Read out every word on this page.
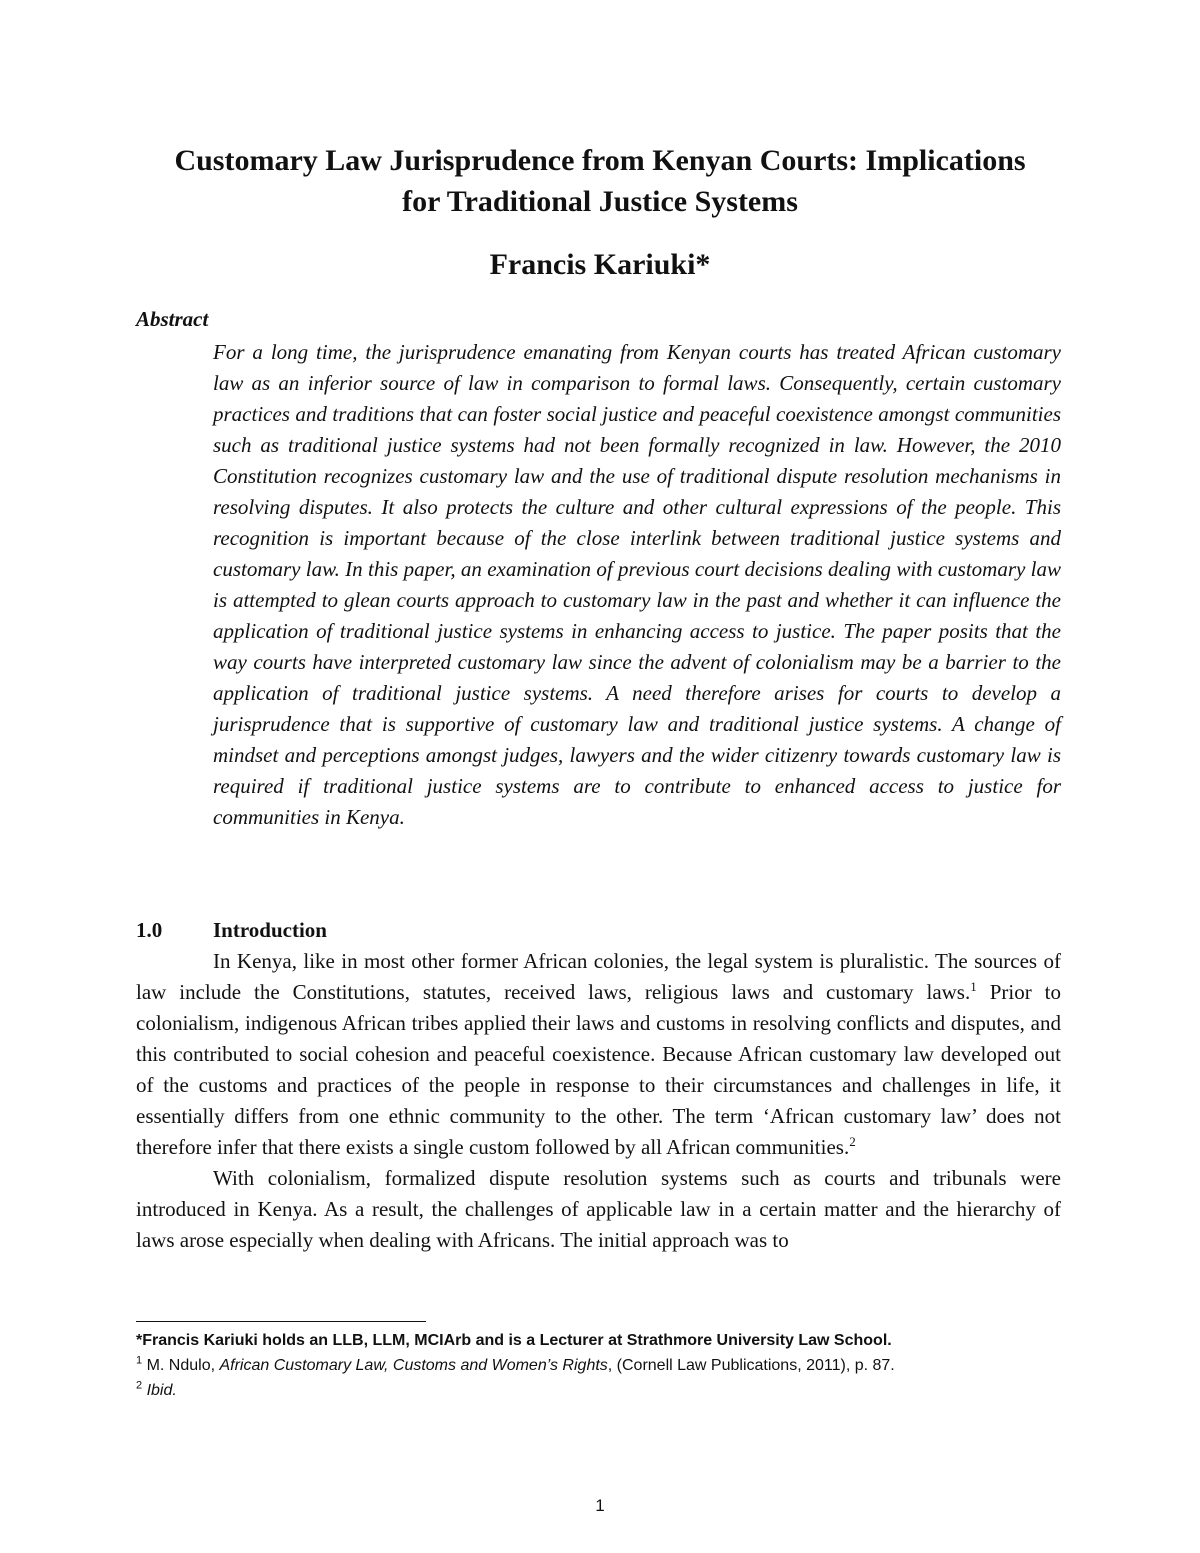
Customary Law Jurisprudence from Kenyan Courts: Implications
for Traditional Justice Systems
Francis Kariuki*
Abstract
For a long time, the jurisprudence emanating from Kenyan courts has treated African customary law as an inferior source of law in comparison to formal laws. Consequently, certain customary practices and traditions that can foster social justice and peaceful coexistence amongst communities such as traditional justice systems had not been formally recognized in law. However, the 2010 Constitution recognizes customary law and the use of traditional dispute resolution mechanisms in resolving disputes. It also protects the culture and other cultural expressions of the people. This recognition is important because of the close interlink between traditional justice systems and customary law. In this paper, an examination of previous court decisions dealing with customary law is attempted to glean courts approach to customary law in the past and whether it can influence the application of traditional justice systems in enhancing access to justice. The paper posits that the way courts have interpreted customary law since the advent of colonialism may be a barrier to the application of traditional justice systems. A need therefore arises for courts to develop a jurisprudence that is supportive of customary law and traditional justice systems. A change of mindset and perceptions amongst judges, lawyers and the wider citizenry towards customary law is required if traditional justice systems are to contribute to enhanced access to justice for communities in Kenya.
1.0 Introduction

In Kenya, like in most other former African colonies, the legal system is pluralistic. The sources of law include the Constitutions, statutes, received laws, religious laws and customary laws.$^1$ Prior to colonialism, indigenous African tribes applied their laws and customs in resolving conflicts and disputes, and this contributed to social cohesion and peaceful coexistence. Because African customary law developed out of the customs and practices of the people in response to their circumstances and challenges in life, it essentially differs from one ethnic community to the other. The term ‘African customary law’ does not therefore infer that there exists a single custom followed by all African communities.$^2$

With colonialism, formalized dispute resolution systems such as courts and tribunals were introduced in Kenya. As a result, the challenges of applicable law in a certain matter and the hierarchy of laws arose especially when dealing with Africans. The initial approach was to

*Francis Kariuki holds an LLB, LLM, MCIArb and is a Lecturer at Strathmore University Law School.
$^1$ M. Ndulo, African Customary Law, Customs and Women’s Rights, (Cornell Law Publications, 2011), p. 87.
$^2$ Ibid.
1
